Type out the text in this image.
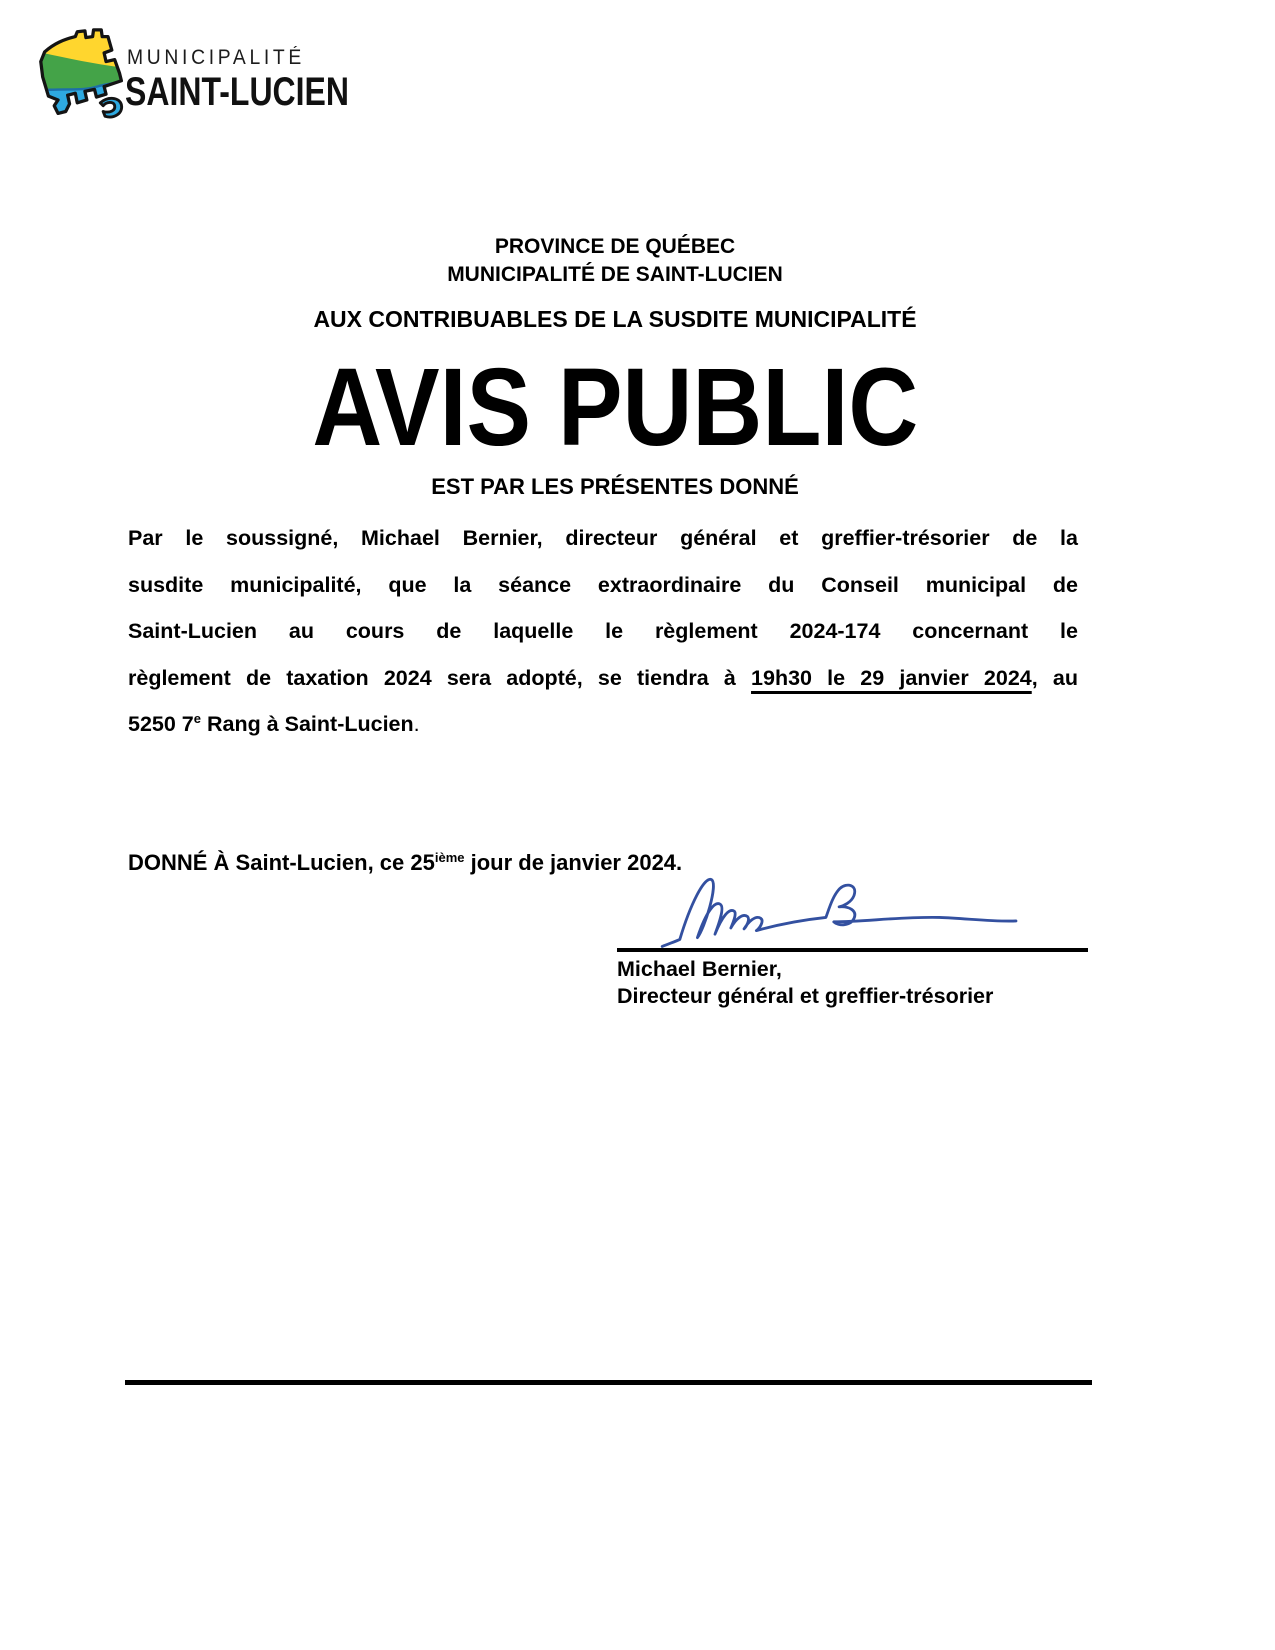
MUNICIPALITÉ
SAINT-LUCIEN
PROVINCE DE QUÉBEC
MUNICIPALITÉ DE SAINT-LUCIEN
AUX CONTRIBUABLES DE LA SUSDITE MUNICIPALITÉ
AVIS PUBLIC
EST PAR LES PRÉSENTES DONNÉ
Par le soussigné, Michael Bernier, directeur général et greffier-trésorier de la
susdite municipalité, que la séance extraordinaire du Conseil municipal de
Saint-Lucien au cours de laquelle le règlement 2024-174 concernant le
règlement de taxation 2024 sera adopté, se tiendra à 19h30 le 29 janvier 2024, au
5250 7e Rang à Saint-Lucien.
DONNÉ À Saint-Lucien, ce 25ième jour de janvier 2024.
Michael Bernier,
Directeur général et greffier-trésorier
